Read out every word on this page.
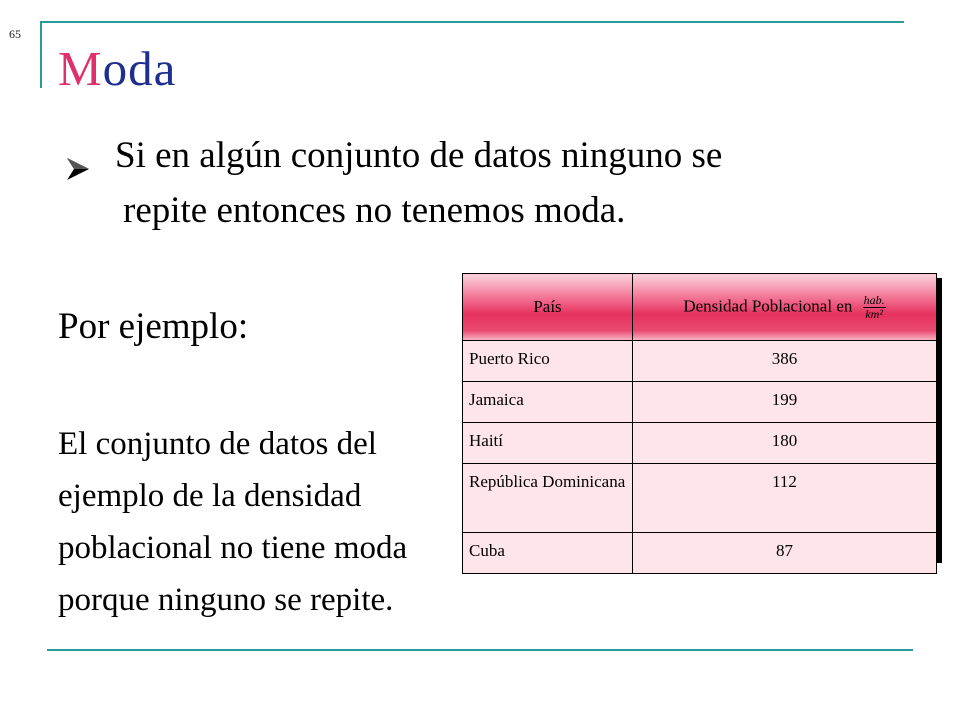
65
Moda
Si en algún conjunto de datos ninguno se
repite entonces no tenemos moda.
Por ejemplo:
El conjunto de datos del
ejemplo de la densidad
poblacional no tiene moda
porque ninguno se repite.
País	Densidad Poblacional en $\frac{\text{hab.}}{\text{km²}}$

Puerto Rico	386
Jamaica	199
Haití	180
República Dominicana	112
Cuba	87
